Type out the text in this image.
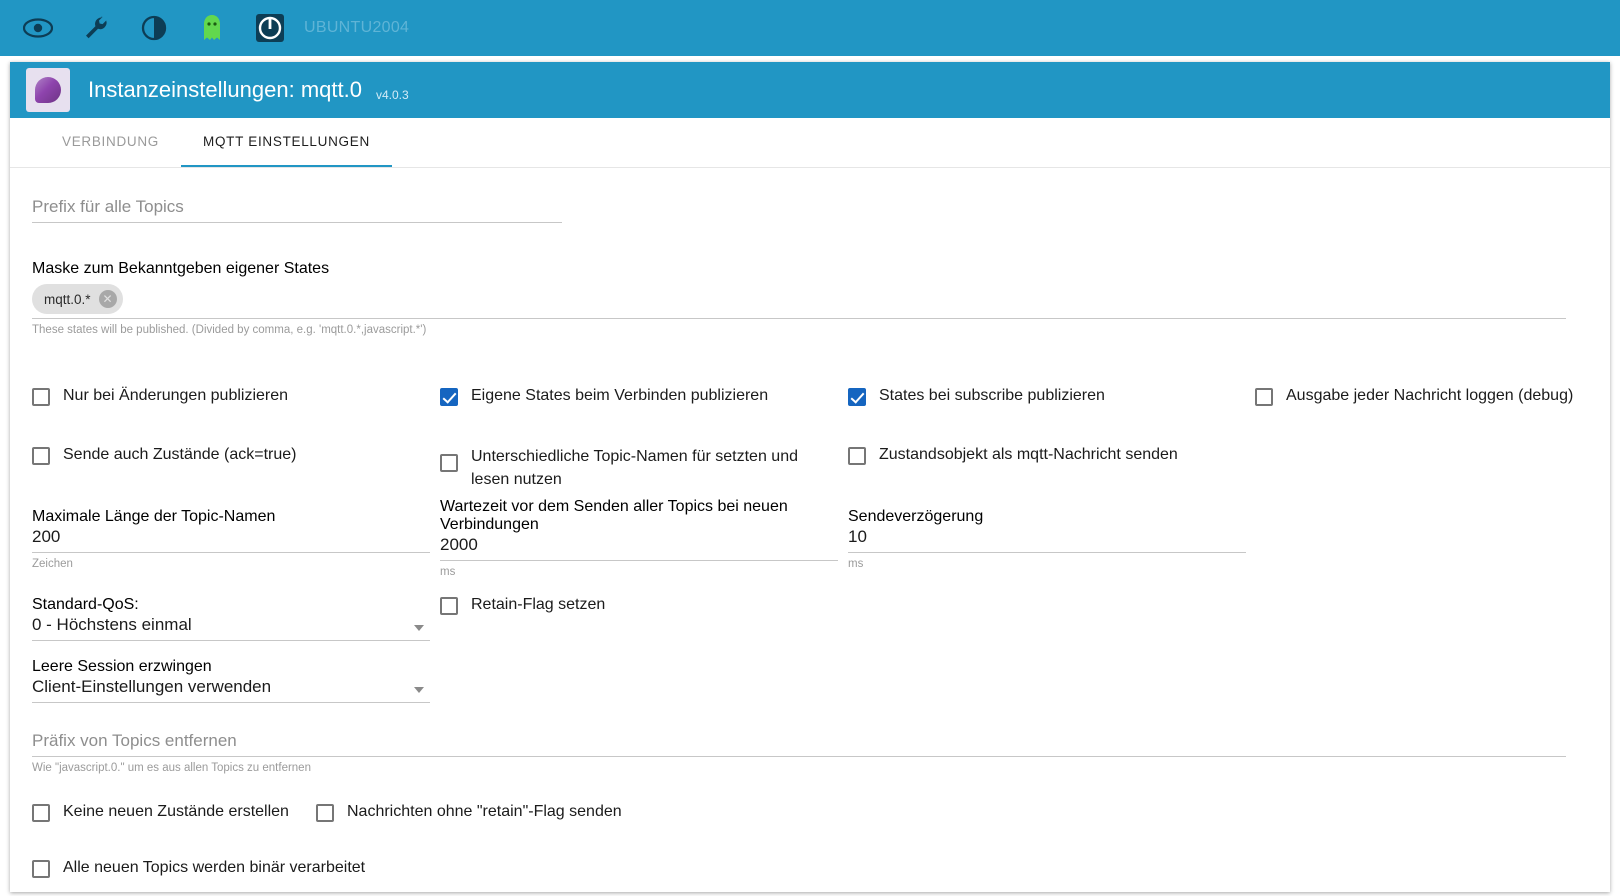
UBUNTU2004
Instanzeinstellungen: mqtt.0 v4.0.3
VERBINDUNG	MQTT EINSTELLUNGEN
Prefix für alle Topics
Maske zum Bekanntgeben eigener States
mqtt.0.* ✕
These states will be published. (Divided by comma, e.g. 'mqtt.0.*,javascript.*')
Nur bei Änderungen publizieren	Eigene States beim Verbinden publizieren	States bei subscribe publizieren	Ausgabe jeder Nachricht loggen (debug)
Sende auch Zustände (ack=true)	Unterschiedliche Topic-Namen für setzten und lesen nutzen
Zustandsobjekt als mqtt-Nachricht senden
Maximale Länge der Topic-Namen
200
Zeichen
Wartezeit vor dem Senden aller Topics bei neuen Verbindungen
2000
ms
Sendeverzögerung
10
ms
Standard-QoS:
0 - Höchstens einmal
Retain-Flag setzen
Leere Session erzwingen
Client-Einstellungen verwenden
Präfix von Topics entfernen
Wie "javascript.0." um es aus allen Topics zu entfernen
Keine neuen Zustände erstellen	Nachrichten ohne "retain"-Flag senden
Alle neuen Topics werden binär verarbeitet
